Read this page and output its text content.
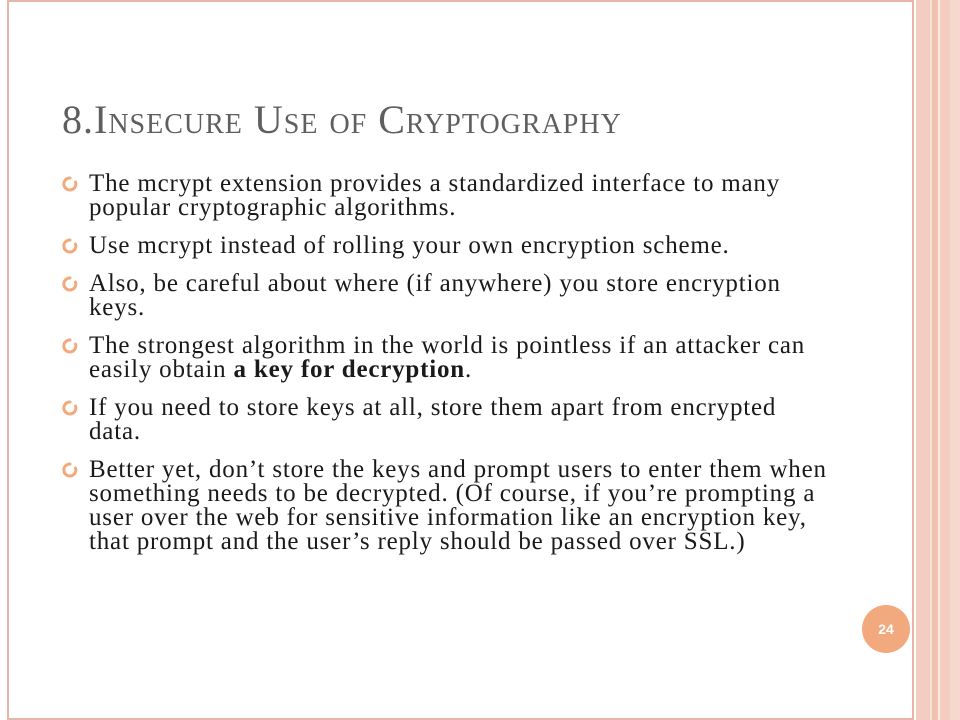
8.Insecure Use of Cryptography
The mcrypt extension provides a standardized interface to many popular cryptographic algorithms.
Use mcrypt instead of rolling your own encryption scheme.
Also, be careful about where (if anywhere) you store encryption keys.
The strongest algorithm in the world is pointless if an attacker can easily obtain a key for decryption.
If you need to store keys at all, store them apart from encrypted data.
Better yet, don’t store the keys and prompt users to enter them when something needs to be decrypted. (Of course, if you’re prompting a user over the web for sensitive information like an encryption key, that prompt and the user’s reply should be passed over SSL.)
24
